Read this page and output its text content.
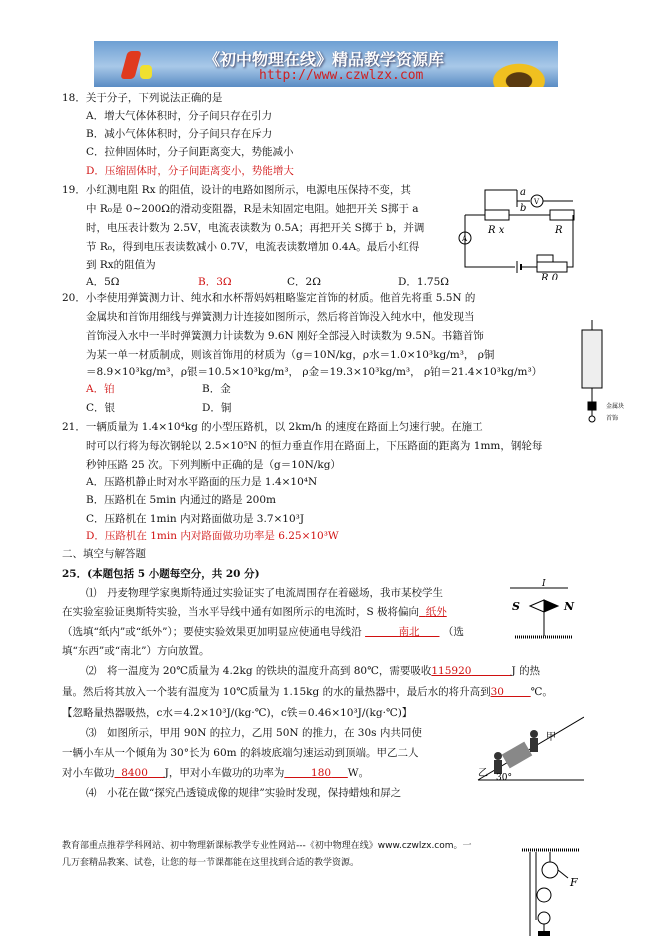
《初中物理在线》精品教学资源库
http://www.czwlzx.com
18．关于分子，下列说法正确的是
A．增大气体体积时，分子间只存在引力
B．减小气体体积时，分子间只存在斥力
C．拉伸固体时，分子间距离变大，势能减小
D．压缩固体时，分子间距离变小，势能增大
19．小红测电阻 Rx 的阻值，设计的电路如图所示，电源电压保持不变，其
中 R₀是 0~200Ω的滑动变阻器，R是未知固定电阻。她把开关 S掷于 a
时，电压表计数为 2.5V，电流表读数为 0.5A；再把开关 S掷于 b，并调
节 R₀，得到电压表读数减小 0.7V，电流表读数增加 0.4A。最后小红得
到 Rx的阻值为
A．5Ω	B．3Ω	C．2Ω	D．1.75Ω
a
b
V
A
R x	R
R 0
20．小李使用弹簧测力计、纯水和水杯帮妈妈粗略鉴定首饰的材质。他首先将重 5.5N 的
金属块和首饰用细线与弹簧测力计连接如图所示，然后将首饰没入纯水中，他发现当
首饰浸入水中一半时弹簧测力计读数为 9.6N 刚好全部浸入时读数为 9.5N。书籍首饰
为某一单一材质制成，则该首饰用的材质为（g＝10N/kg，ρ水＝1.0×10³kg/m³， ρ铜
＝8.9×10³kg/m³，ρ银＝10.5×10³kg/m³， ρ金＝19.3×10³kg/m³， ρ铂＝21.4×10³kg/m³）
A．铂	B．金
C．银	D．铜	金属块
首饰
21．一辆质量为 1.4×10⁴kg 的小型压路机，以 2km/h 的速度在路面上匀速行驶。在施工
时可以行将为每次钢轮以 2.5×10⁵N 的恒力垂直作用在路面上，下压路面的距离为 1mm，钢轮每
秒钟压路 25 次。下列判断中正确的是（g＝10N/kg）
A．压路机静止时对水平路面的压力是 1.4×10⁴N
B．压路机在 5min 内通过的路是 200m
C．压路机在 1min 内对路面做功是 3.7×10³J
D．压路机在 1min 内对路面做功功率是 6.25×10³W
二、填空与解答题
25．(本题包括 5 小题每空分，共 20 分)
⑴　丹麦物理学家奥斯特通过实验证实了电流周围存在着磁场，我市某校学生
在实验室验证奥斯特实验，当水平导线中通有如图所示的电流时，S 极将偏向 纸外
（选填“纸内”或“纸外”）；要使实验效果更加明显应使通电导线沿	南北 （选
填“东西”或“南北”）方向放置。
I
S	N
⑵　将一温度为 20℃质量为 4.2kg 的铁块的温度升高到 80℃，需要吸收115920	J 的热
量。然后将其放入一个装有温度为 10℃质量为 1.15kg 的水的量热器中，最后水的将升高到30	℃。
【忽略量热器吸热，c水＝4.2×10³J/(kg·℃)，c铁＝0.46×10³J/(kg·℃)】
⑶　如图所示，甲用 90N 的拉力，乙用 50N 的推力，在 30s 内共同使
一辆小车从一个倾角为 30°长为 60m 的斜坡底端匀速运动到顶端。甲乙二人
对小车做功 8400 J，甲对小车做功的功率为	180 W。
甲
乙 30°
⑷　小花在做“探究凸透镜成像的规律”实验时发现，保持蜡烛和屏之
教育部重点推荐学科网站、初中物理新课标教学专业性网站---《初中物理在线》www.czwlzx.com。一
几万套精品教案、试卷，让您的每一节课都能在这里找到合适的教学资源。
F
